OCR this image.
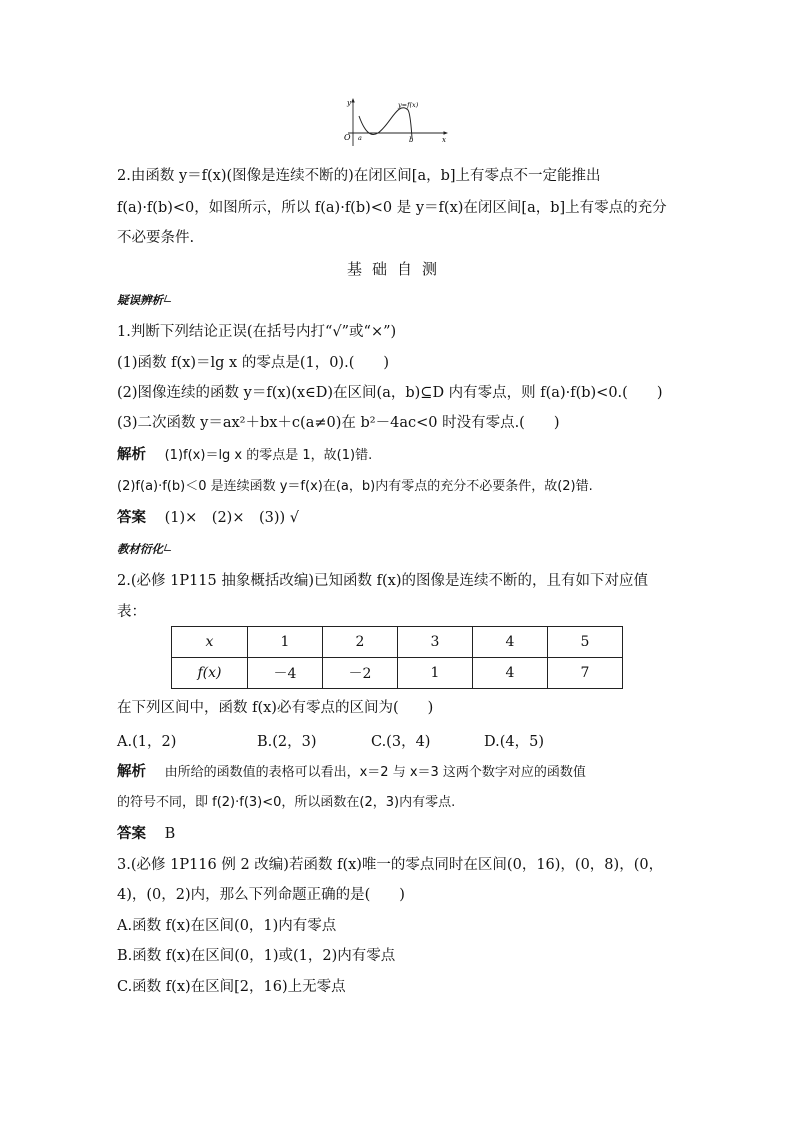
y
x
O a	b
y=f(x)
2.由函数 y＝f(x)(图像是连续不断的)在闭区间[a，b]上有零点不一定能推出
f(a)·f(b)<0，如图所示，所以 f(a)·f(b)<0 是 y＝f(x)在闭区间[a，b]上有零点的充分
不必要条件.
基础自测
疑误辨析
1.判断下列结论正误(在括号内打“√”或“×”)
(1)函数 f(x)＝lg x 的零点是(1，0).(　　)
(2)图像连续的函数 y＝f(x)(x∈D)在区间(a，b)⊆D 内有零点，则 f(a)·f(b)<0.(　　)
(3)二次函数 y＝ax²＋bx＋c(a≠0)在 b²－4ac<0 时没有零点.(　　)
解析 (1)f(x)＝lg x 的零点是 1，故(1)错.
(2)f(a)·f(b)＜0 是连续函数 y＝f(x)在(a，b)内有零点的充分不必要条件，故(2)错.
答案 (1)×　(2)×　(3)) √
教材衍化
2.(必修 1P115 抽象概括改编)已知函数 f(x)的图像是连续不断的，且有如下对应值
表：
x	1	2	3	4	5
f(x)	－4	－2	1	4	7
在下列区间中，函数 f(x)必有零点的区间为(　　)
A.(1，2)	B.(2，3)	C.(3，4)	D.(4，5)
解析 由所给的函数值的表格可以看出，x＝2 与 x＝3 这两个数字对应的函数值
的符号不同，即 f(2)·f(3)<0，所以函数在(2，3)内有零点.
答案 B
3.(必修 1P116 例 2 改编)若函数 f(x)唯一的零点同时在区间(0，16)，(0，8)，(0，
4)，(0，2)内，那么下列命题正确的是(　　)
A.函数 f(x)在区间(0，1)内有零点
B.函数 f(x)在区间(0，1)或(1，2)内有零点
C.函数 f(x)在区间[2，16)上无零点
